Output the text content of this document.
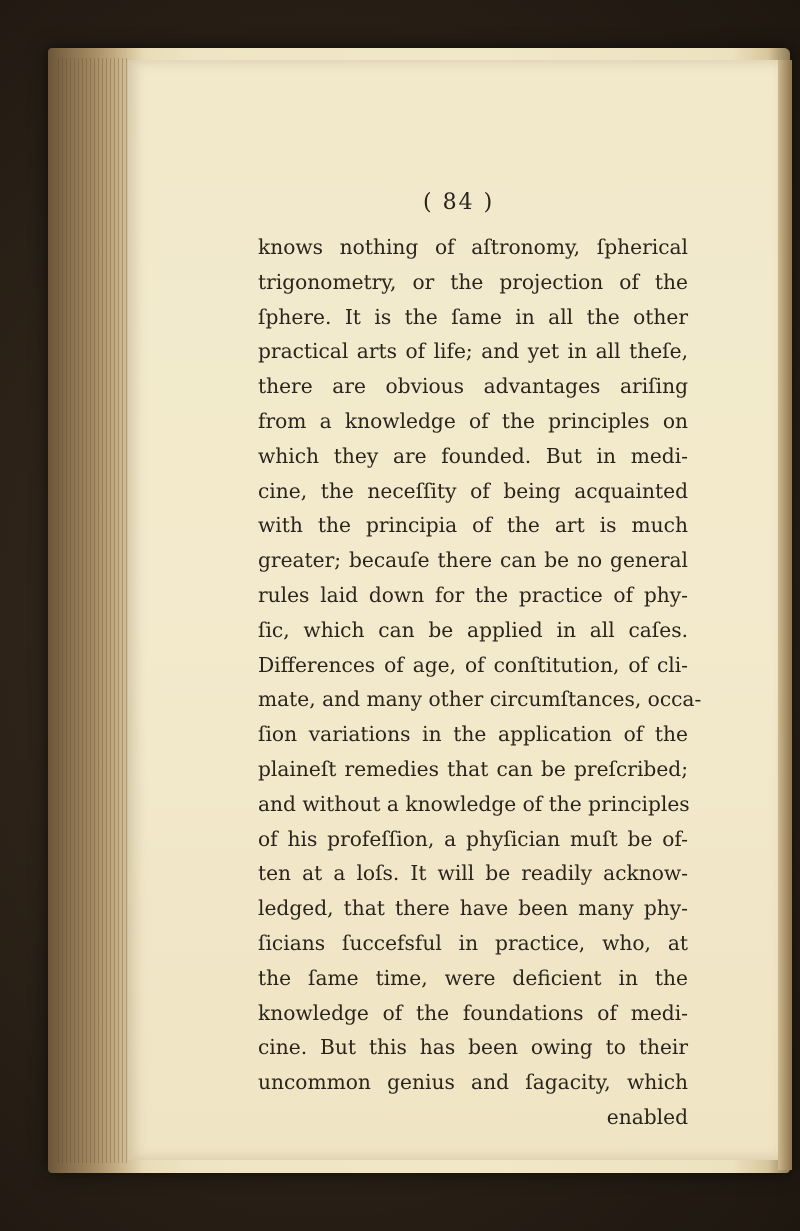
( 84 )
knows nothing of aſtronomy, ſpherical
trigonometry, or the projection of the
ſphere. It is the ſame in all the other
practical arts of life; and yet in all theſe,
there are obvious advantages ariſing
from a knowledge of the principles on
which they are founded. But in medi-
cine, the neceſſity of being acquainted
with the principia of the art is much
greater; becauſe there can be no general
rules laid down for the practice of phy-
ſic, which can be applied in all caſes.
Differences of age, of conſtitution, of cli-
mate, and many other circumſtances, occa-
ſion variations in the application of the
plaineſt remedies that can be preſcribed;
and without a knowledge of the principles
of his profeſſion, a phyſician muſt be of-
ten at a loſs. It will be readily acknow-
ledged, that there have been many phy-
ſicians ſuccefsful in practice, who, at
the ſame time, were deficient in the
knowledge of the foundations of medi-
cine. But this has been owing to their
uncommon genius and ſagacity, which
enabled
